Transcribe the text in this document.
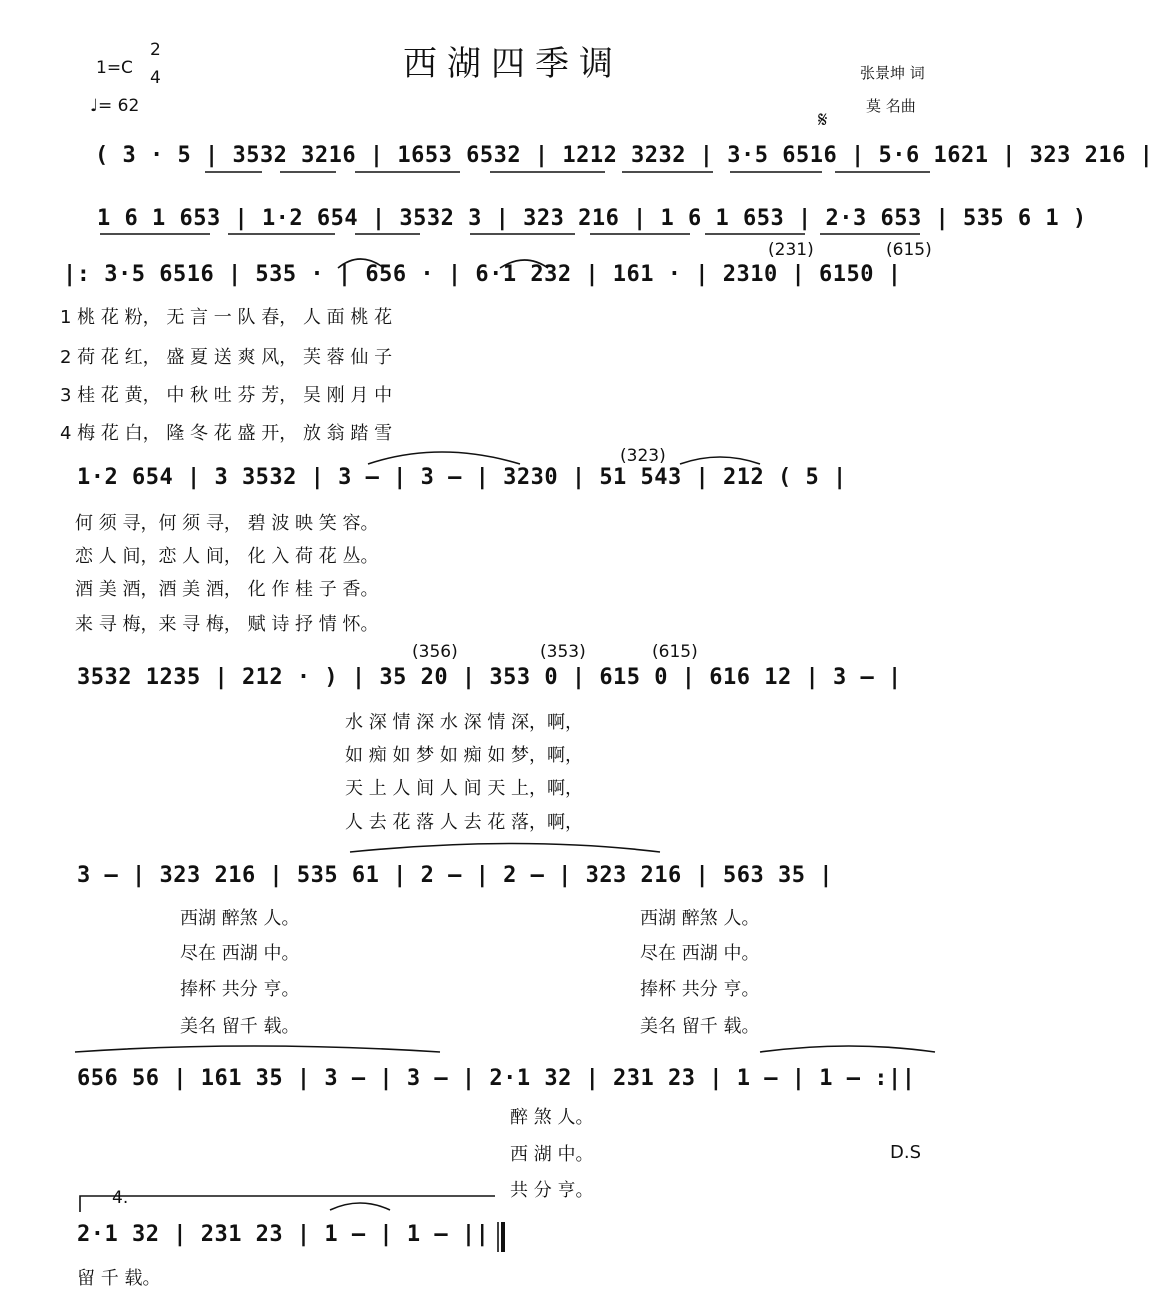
西湖四季调
1=C
2
4
♩= 62
张景坤 词
莫 名曲
𝄋
( 3 · 5 | 3532 3216 | 1653 6532 | 1212 3232 | 3·5 6516 | 5·6 1621 | 323 216 |
1 6 1 653 | 1·2 654 | 3532 3 | 323 216 | 1 6 1 653 | 2·3 653 | 535 6 1 )
(231)	(615)
|: 3·5 6516 | 535 · | 656 · | 6·1 232 | 161 · | 2310 | 6150 |
1 桃 花 粉， 无 言 一 队 春， 人 面 桃 花
2 荷 花 红， 盛 夏 送 爽 风， 芙 蓉 仙 子
3 桂 花 黄， 中 秋 吐 芬 芳， 吴 刚 月 中
4 梅 花 白， 隆 冬 花 盛 开， 放 翁 踏 雪
(323)
1·2 654 | 3 3532 | 3 — | 3 — | 3230 | 51 543 | 212 ( 5 |
何 须 寻，何 须 寻， 碧 波 映 笑 容。
恋 人 间，恋 人 间， 化 入 荷 花 丛。
酒 美 酒，酒 美 酒， 化 作 桂 子 香。
来 寻 梅，来 寻 梅， 赋 诗 抒 情 怀。
(356)	(353)	(615)
3532 1235 | 212 · ) | 35 20 | 353 0 | 615 0 | 616 12 | 3 — |
水 深 情 深 水 深 情 深，啊，
如 痴 如 梦 如 痴 如 梦，啊，
天 上 人 间 人 间 天 上，啊，
人 去 花 落 人 去 花 落，啊，
3 — | 323 216 | 535 61 | 2 — | 2 — | 323 216 | 563 35 |
西湖 醉煞 人。
尽在 西湖 中。
捧杯 共分 亨。
美名 留千 载。
西湖 醉煞 人。
尽在 西湖 中。
捧杯 共分 亨。
美名 留千 载。
656 56 | 161 35 | 3 — | 3 — | 2·1 32 | 231 23 | 1 — | 1 — :||
醉 煞 人。
西 湖 中。
共 分 亨。
D.S
4.
2·1 32 | 231 23 | 1 — | 1 — ||
留 千 载。
